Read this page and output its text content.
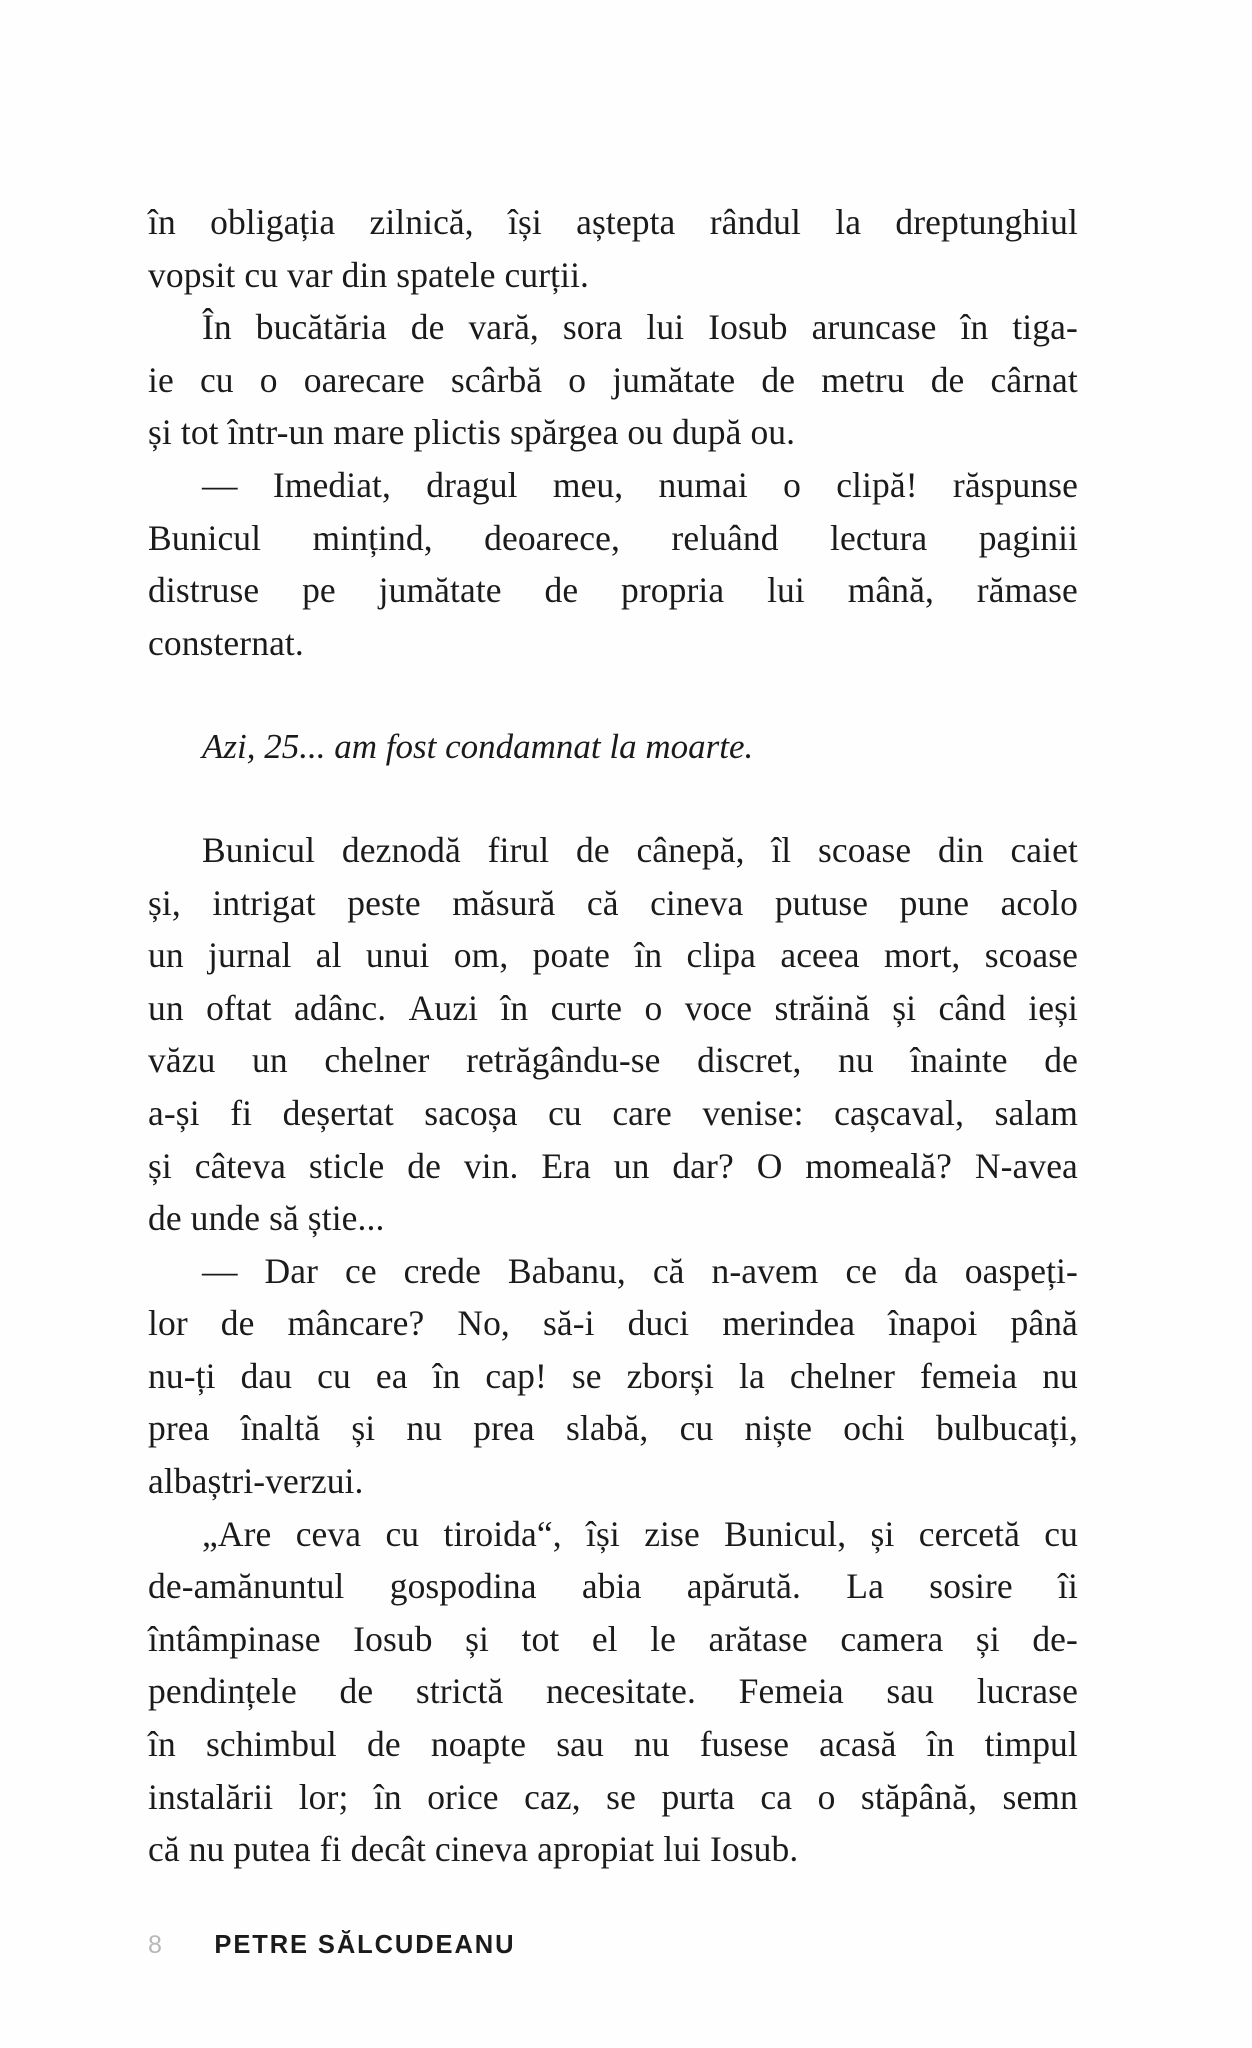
în obligația zilnică, își aștepta rândul la dreptunghiul
vopsit cu var din spatele curții.
În bucătăria de vară, sora lui Iosub aruncase în tiga-
ie cu o oarecare scârbă o jumătate de metru de cârnat
și tot într-un mare plictis spărgea ou după ou.
— Imediat, dragul meu, numai o clipă! răspunse
Bunicul mințind, deoarece, reluând lectura paginii
distruse pe jumătate de propria lui mână, rămase
consternat.
Azi, 25... am fost condamnat la moarte.
Bunicul deznodă firul de cânepă, îl scoase din caiet
și, intrigat peste măsură că cineva putuse pune acolo
un jurnal al unui om, poate în clipa aceea mort, scoase
un oftat adânc. Auzi în curte o voce străină și când ieși
văzu un chelner retrăgându-se discret, nu înainte de
a-și fi deșertat sacoșa cu care venise: cașcaval, salam
și câteva sticle de vin. Era un dar? O momeală? N-avea
de unde să știe...
— Dar ce crede Babanu, că n-avem ce da oaspeți-
lor de mâncare? No, să-i duci merindea înapoi până
nu-ți dau cu ea în cap! se zborși la chelner femeia nu
prea înaltă și nu prea slabă, cu niște ochi bulbucați,
albaștri-verzui.
„Are ceva cu tiroida“, își zise Bunicul, și cercetă cu
de-amănuntul gospodina abia apărută. La sosire îi
întâmpinase Iosub și tot el le arătase camera și de-
pendințele de strictă necesitate. Femeia sau lucrase
în schimbul de noapte sau nu fusese acasă în timpul
instalării lor; în orice caz, se purta ca o stăpână, semn
că nu putea fi decât cineva apropiat lui Iosub.
8 PETRE SĂLCUDEANU
